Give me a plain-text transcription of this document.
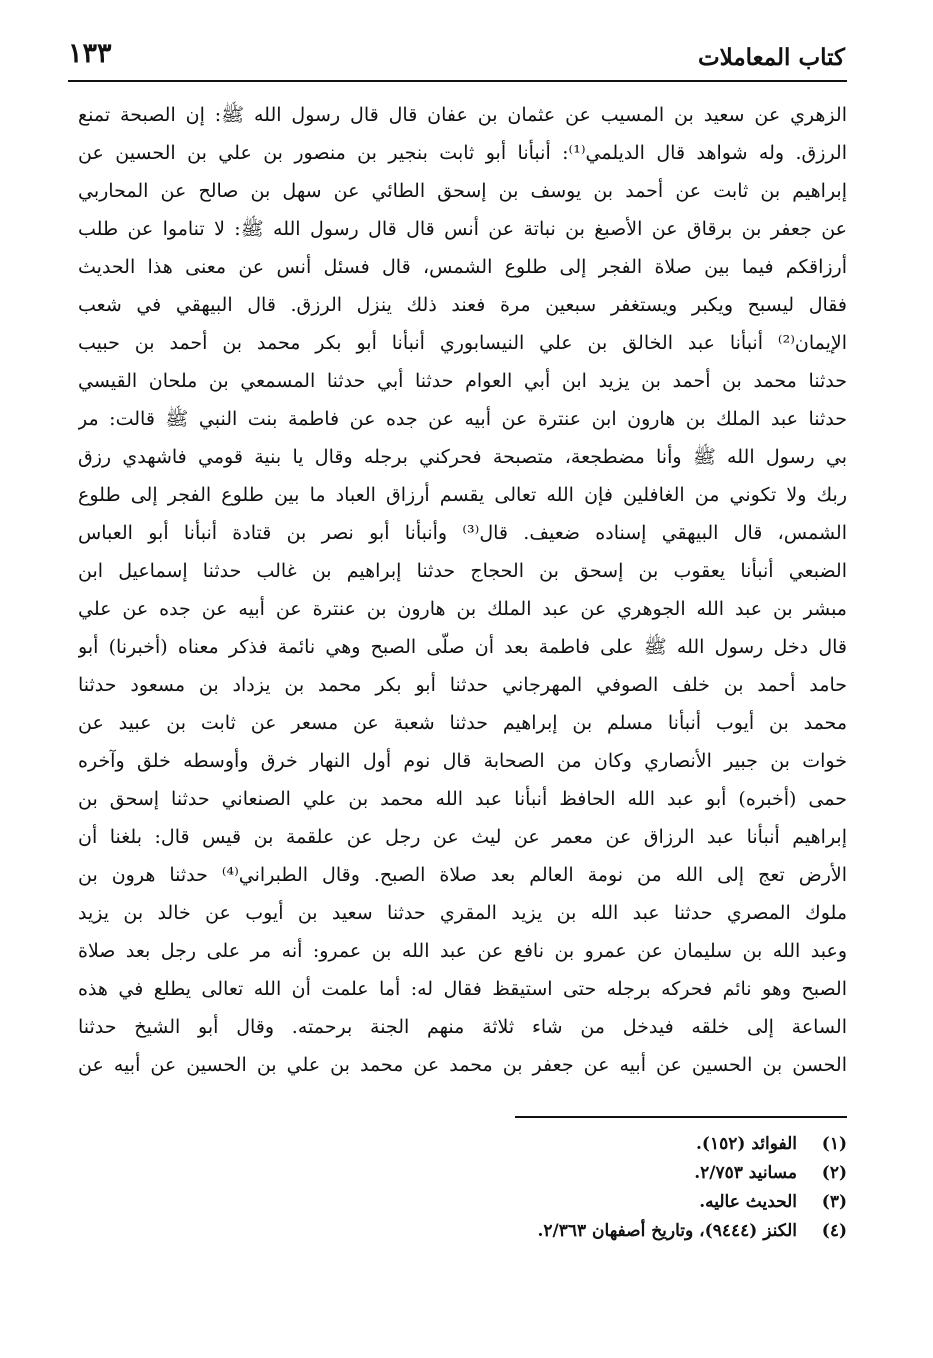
كتاب المعاملات
١٣٣
الزهري عن سعيد بن المسيب عن عثمان بن عفان قال قال رسول الله ﷺ: إن الصبحة تمنع
الرزق. وله شواهد قال الديلمي⁽¹⁾: أنبأنا أبو ثابت بنجير بن منصور بن علي بن الحسين عن
إبراهيم بن ثابت عن أحمد بن يوسف بن إسحق الطائي عن سهل بن صالح عن المحاربي
عن جعفر بن برقاق عن الأصبغ بن نباتة عن أنس قال قال رسول الله ﷺ: لا تناموا عن طلب
أرزاقكم فيما بين صلاة الفجر إلى طلوع الشمس، قال فسئل أنس عن معنى هذا الحديث
فقال ليسبح ويكبر ويستغفر سبعين مرة فعند ذلك ينزل الرزق. قال البيهقي في شعب
الإيمان⁽²⁾ أنبأنا عبد الخالق بن علي النيسابوري أنبأنا أبو بكر محمد بن أحمد بن حبيب
حدثنا محمد بن أحمد بن يزيد ابن أبي العوام حدثنا أبي حدثنا المسمعي بن ملحان القيسي
حدثنا عبد الملك بن هارون ابن عنترة عن أبيه عن جده عن فاطمة بنت النبي ﷺ قالت: مر
بي رسول الله ﷺ وأنا مضطجعة، متصبحة فحركني برجله وقال يا بنية قومي فاشهدي رزق
ربك ولا تكوني من الغافلين فإن الله تعالى يقسم أرزاق العباد ما بين طلوع الفجر إلى طلوع
الشمس، قال البيهقي إسناده ضعيف. قال⁽³⁾ وأنبأنا أبو نصر بن قتادة أنبأنا أبو العباس
الضبعي أنبأنا يعقوب بن إسحق بن الحجاج حدثنا إبراهيم بن غالب حدثنا إسماعيل ابن
مبشر بن عبد الله الجوهري عن عبد الملك بن هارون بن عنترة عن أبيه عن جده عن علي
قال دخل رسول الله ﷺ على فاطمة بعد أن صلّى الصبح وهي نائمة فذكر معناه (أخبرنا) أبو
حامد أحمد بن خلف الصوفي المهرجاني حدثنا أبو بكر محمد بن يزداد بن مسعود حدثنا
محمد بن أيوب أنبأنا مسلم بن إبراهيم حدثنا شعبة عن مسعر عن ثابت بن عبيد عن
خوات بن جبير الأنصاري وكان من الصحابة قال نوم أول النهار خرق وأوسطه خلق وآخره
حمى (أخبره) أبو عبد الله الحافظ أنبأنا عبد الله محمد بن علي الصنعاني حدثنا إسحق بن
إبراهيم أنبأنا عبد الرزاق عن معمر عن ليث عن رجل عن علقمة بن قيس قال: بلغنا أن
الأرض تعج إلى الله من نومة العالم بعد صلاة الصبح. وقال الطبراني⁽⁴⁾ حدثنا هرون بن
ملوك المصري حدثنا عبد الله بن يزيد المقري حدثنا سعيد بن أيوب عن خالد بن يزيد
وعبد الله بن سليمان عن عمرو بن نافع عن عبد الله بن عمرو: أنه مر على رجل بعد صلاة
الصبح وهو نائم فحركه برجله حتى استيقظ فقال له: أما علمت أن الله تعالى يطلع في هذه
الساعة إلى خلقه فيدخل من شاء ثلاثة منهم الجنة برحمته. وقال أبو الشيخ حدثنا
الحسن بن الحسين عن أبيه عن جعفر بن محمد عن محمد بن علي بن الحسين عن أبيه عن
(١)
الفوائد (١٥٢).
(٢)
مسانيد ٢/٧٥٣.
(٣)
الحديث عاليه.
(٤)
الكنز (٩٤٤٤)، وتاريخ أصفهان ٢/٣٦٣.
